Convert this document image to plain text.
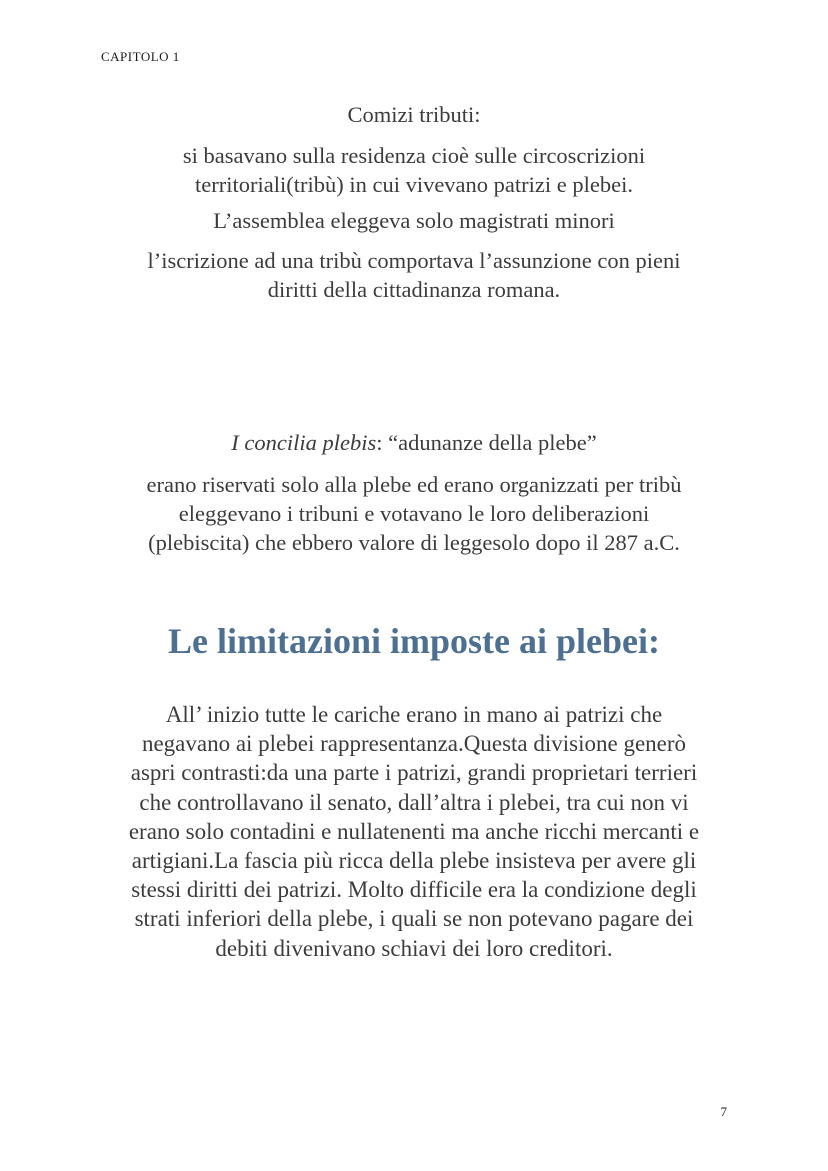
CAPITOLO 1
Comizi tributi:
si basavano sulla residenza cioè sulle circoscrizioni
territoriali(tribù) in cui vivevano patrizi e plebei.
L’assemblea eleggeva solo magistrati minori
l’iscrizione ad una tribù comportava l’assunzione con pieni
diritti della cittadinanza romana.
I concilia plebis: “adunanze della plebe”
erano riservati solo alla plebe ed erano organizzati per tribù
eleggevano i tribuni e votavano le loro deliberazioni
(plebiscita) che ebbero valore di leggesolo dopo il 287 a.C.
Le limitazioni imposte ai plebei:
All’ inizio tutte le cariche erano in mano ai patrizi che
negavano ai plebei rappresentanza.Questa divisione generò
aspri contrasti:da una parte i patrizi, grandi proprietari terrieri
che controllavano il senato, dall’altra i plebei, tra cui non vi
erano solo contadini e nullatenenti ma anche ricchi mercanti e
artigiani.La fascia più ricca della plebe insisteva per avere gli
stessi diritti dei patrizi. Molto difficile era la condizione degli
strati inferiori della plebe, i quali se non potevano pagare dei
debiti divenivano schiavi dei loro creditori.
7
